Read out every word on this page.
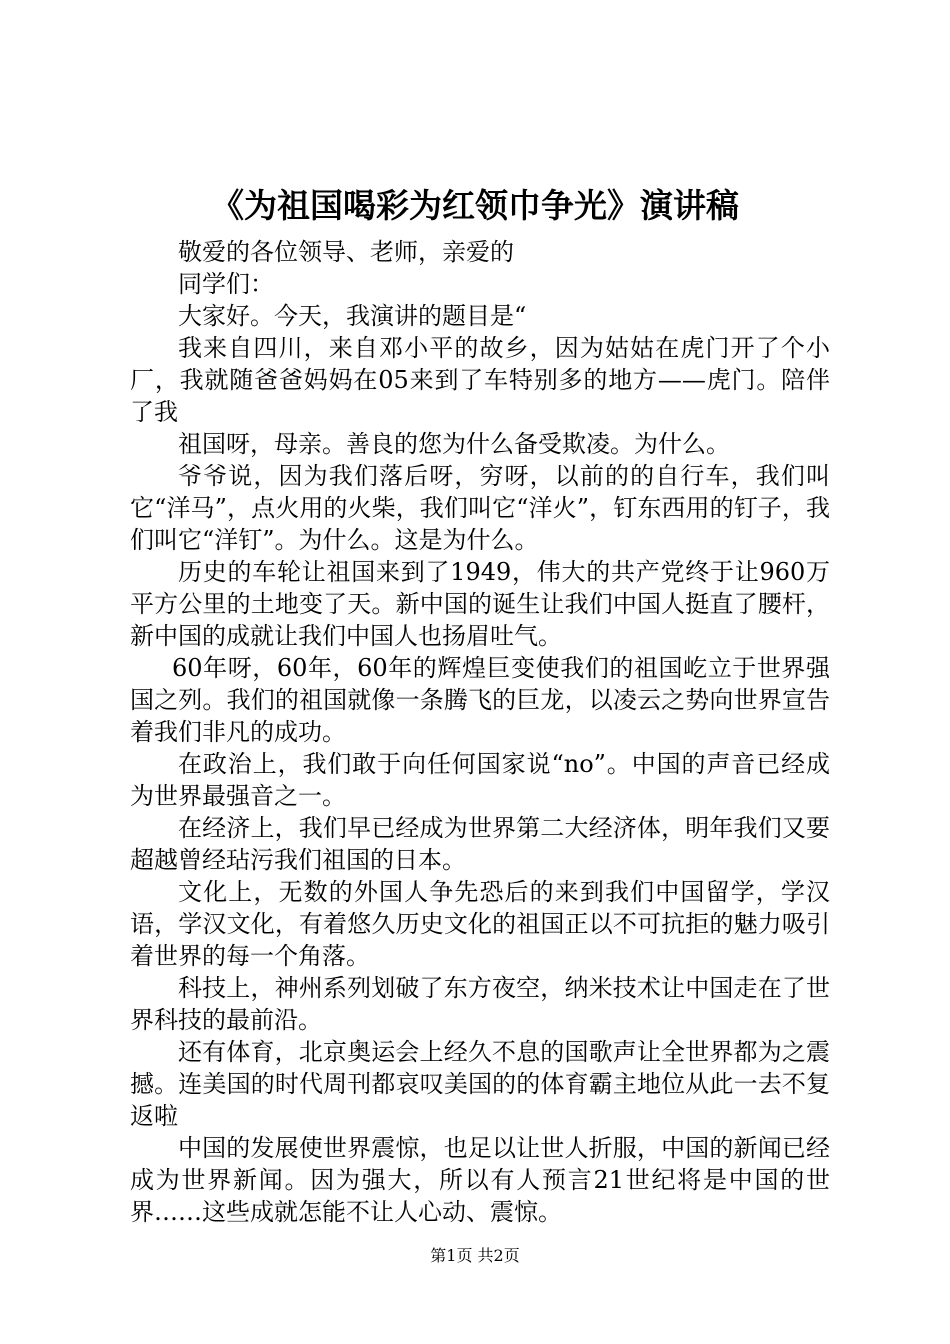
《为祖国喝彩为红领巾争光》演讲稿

敬爱的各位领导、老师，亲爱的

同学们：

大家好。今天，我演讲的题目是“

我来自四川，来自邓小平的故乡，因为姑姑在虎门开了个小厂，我就随爸爸妈妈在05来到了车特别多的地方——虎门。陪伴了我

祖国呀，母亲。善良的您为什么备受欺凌。为什么。

爷爷说，因为我们落后呀，穷呀，以前的的自行车，我们叫它“洋马”，点火用的火柴，我们叫它“洋火”，钉东西用的钉子，我们叫它“洋钉”。为什么。这是为什么。

历史的车轮让祖国来到了1949，伟大的共产党终于让960万平方公里的土地变了天。新中国的诞生让我们中国人挺直了腰杆，新中国的成就让我们中国人也扬眉吐气。

60年呀，60年，60年的辉煌巨变使我们的祖国屹立于世界强国之列。我们的祖国就像一条腾飞的巨龙，以凌云之势向世界宣告着我们非凡的成功。

在政治上，我们敢于向任何国家说“no”。中国的声音已经成为世界最强音之一。

在经济上，我们早已经成为世界第二大经济体，明年我们又要超越曾经玷污我们祖国的日本。

文化上，无数的外国人争先恐后的来到我们中国留学，学汉语，学汉文化，有着悠久历史文化的祖国正以不可抗拒的魅力吸引着世界的每一个角落。

科技上，神州系列划破了东方夜空，纳米技术让中国走在了世界科技的最前沿。

还有体育，北京奥运会上经久不息的国歌声让全世界都为之震撼。连美国的时代周刊都哀叹美国的的体育霸主地位从此一去不复返啦

中国的发展使世界震惊，也足以让世人折服，中国的新闻已经成为世界新闻。因为强大，所以有人预言21世纪将是中国的世界……这些成就怎能不让人心动、震惊。

第1页 共2页
